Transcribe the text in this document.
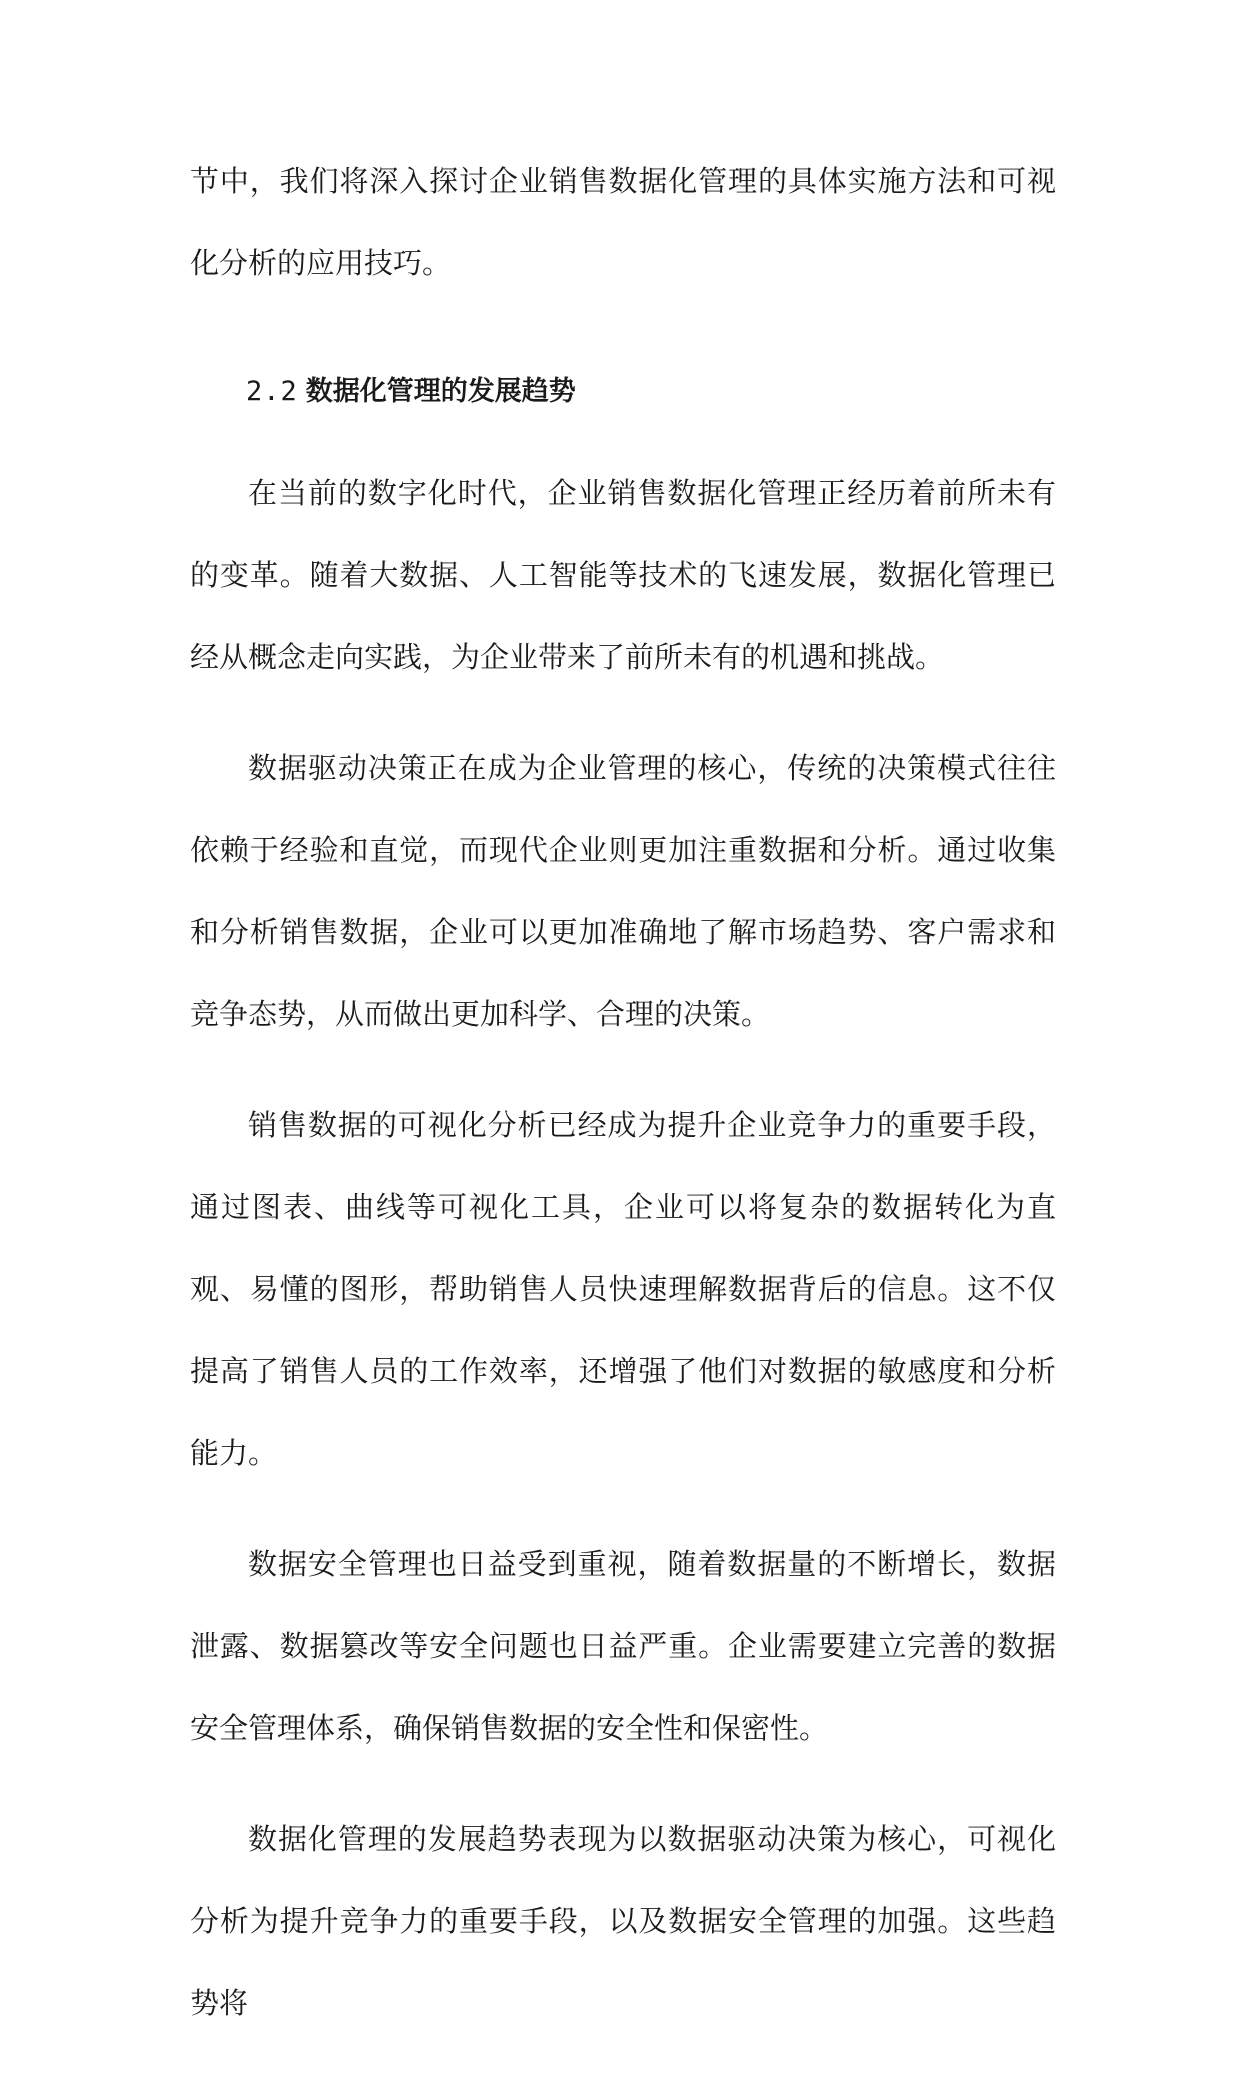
节中，我们将深入探讨企业销售数据化管理的具体实施方法和可视化分析的应用技巧。

2.2 数据化管理的发展趋势

在当前的数字化时代，企业销售数据化管理正经历着前所未有的变革。随着大数据、人工智能等技术的飞速发展，数据化管理已经从概念走向实践，为企业带来了前所未有的机遇和挑战。

数据驱动决策正在成为企业管理的核心，传统的决策模式往往依赖于经验和直觉，而现代企业则更加注重数据和分析。通过收集和分析销售数据，企业可以更加准确地了解市场趋势、客户需求和竞争态势，从而做出更加科学、合理的决策。

销售数据的可视化分析已经成为提升企业竞争力的重要手段，通过图表、曲线等可视化工具，企业可以将复杂的数据转化为直观、易懂的图形，帮助销售人员快速理解数据背后的信息。这不仅提高了销售人员的工作效率，还增强了他们对数据的敏感度和分析能力。

数据安全管理也日益受到重视，随着数据量的不断增长，数据泄露、数据篡改等安全问题也日益严重。企业需要建立完善的数据安全管理体系，确保销售数据的安全性和保密性。

数据化管理的发展趋势表现为以数据驱动决策为核心，可视化分析为提升竞争力的重要手段，以及数据安全管理的加强。这些趋势将
